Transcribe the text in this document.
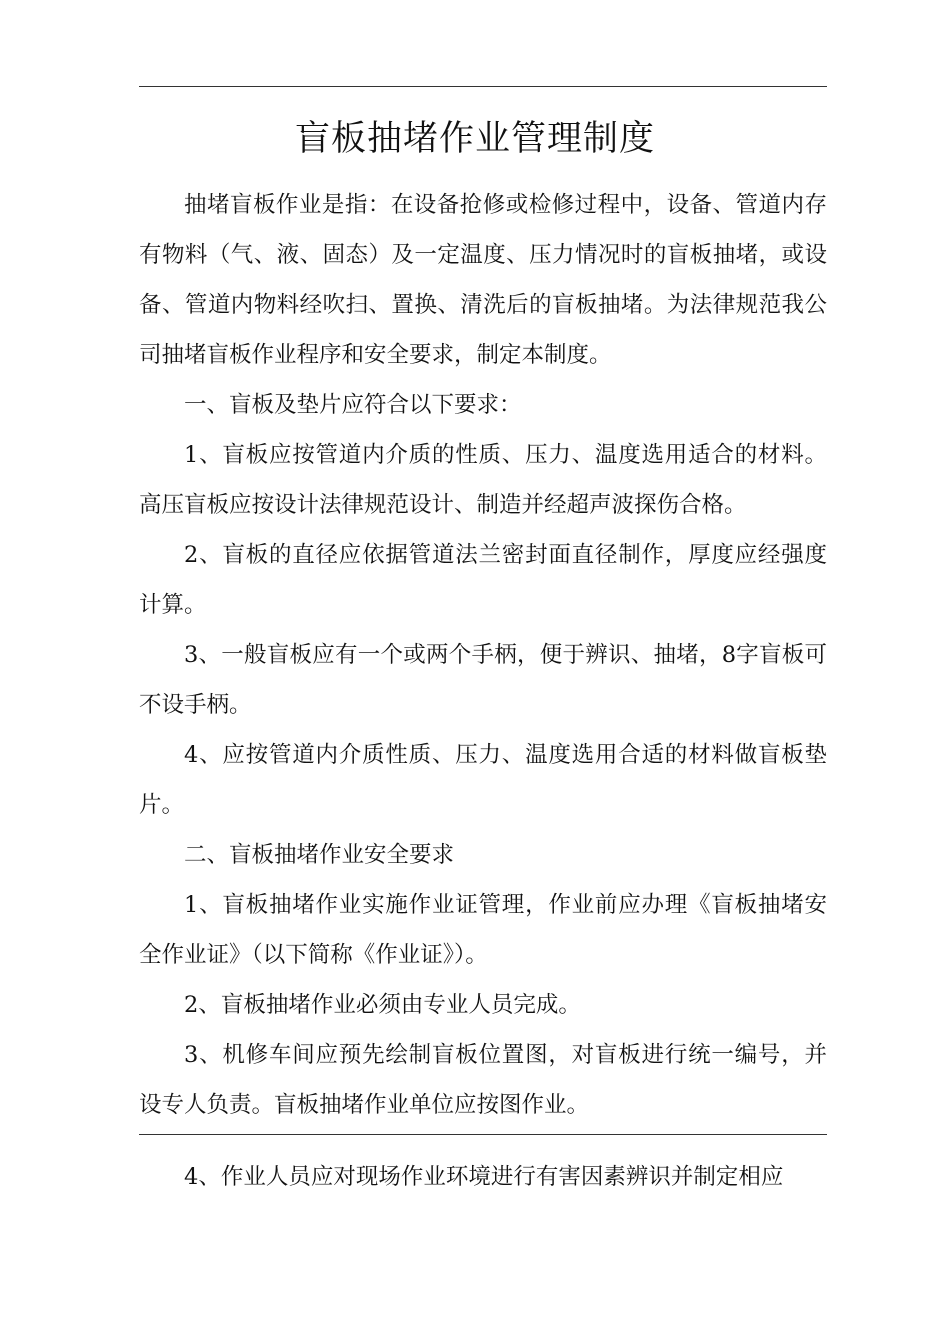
盲板抽堵作业管理制度

抽堵盲板作业是指：在设备抢修或检修过程中，设备、管道内存有物料（气、液、固态）及一定温度、压力情况时的盲板抽堵，或设备、管道内物料经吹扫、置换、清洗后的盲板抽堵。为法律规范我公司抽堵盲板作业程序和安全要求，制定本制度。

一、盲板及垫片应符合以下要求：

1、盲板应按管道内介质的性质、压力、温度选用适合的材料。高压盲板应按设计法律规范设计、制造并经超声波探伤合格。

2、盲板的直径应依据管道法兰密封面直径制作，厚度应经强度计算。

3、一般盲板应有一个或两个手柄，便于辨识、抽堵，8字盲板可不设手柄。

4、应按管道内介质性质、压力、温度选用合适的材料做盲板垫片。

二、盲板抽堵作业安全要求

1、盲板抽堵作业实施作业证管理，作业前应办理《盲板抽堵安全作业证》（以下简称《作业证》）。

2、盲板抽堵作业必须由专业人员完成。

3、机修车间应预先绘制盲板位置图，对盲板进行统一编号，并设专人负责。盲板抽堵作业单位应按图作业。

4、作业人员应对现场作业环境进行有害因素辨识并制定相应
